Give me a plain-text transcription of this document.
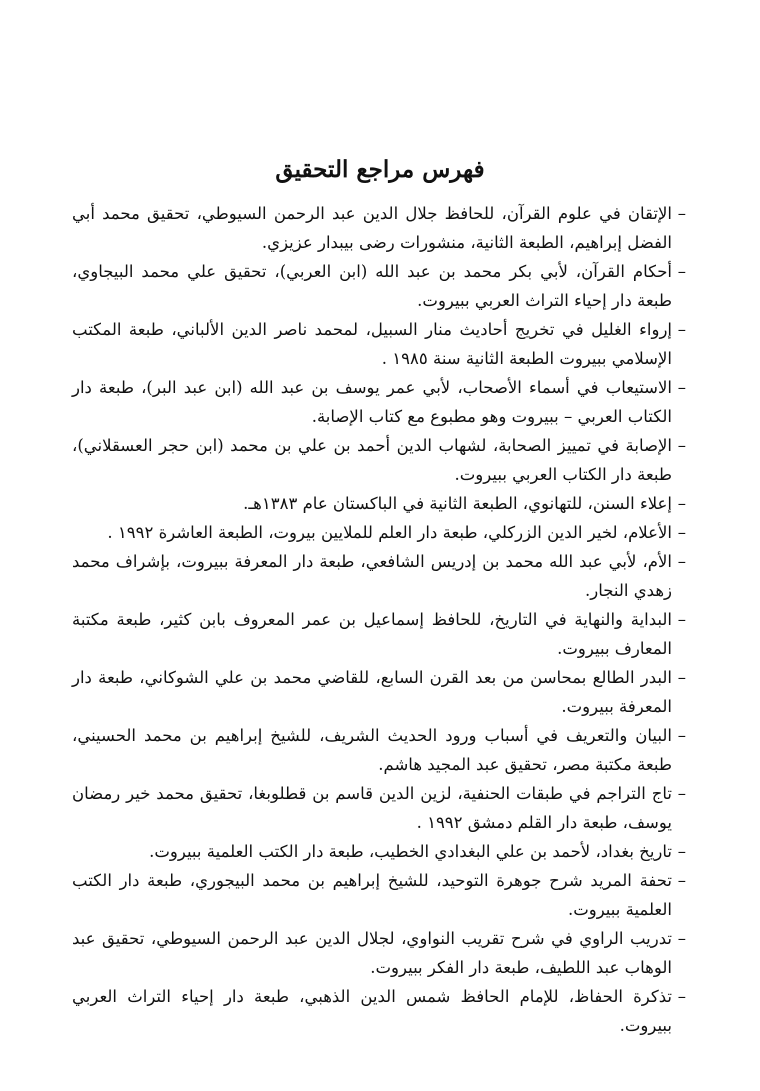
فهرس مراجع التحقيق
–
الإتقان في علوم القرآن، للحافظ جلال الدين عبد الرحمن السيوطي، تحقيق محمد أبي الفضل إبراهيم، الطبعة الثانية، منشورات رضى بيبدار عزيزي.
–
أحكام القرآن، لأبي بكر محمد بن عبد الله (ابن العربي)، تحقيق علي محمد البيجاوي، طبعة دار إحياء التراث العربي ببيروت.
–
إرواء الغليل في تخريج أحاديث منار السبيل، لمحمد ناصر الدين الألباني، طبعة المكتب الإسلامي ببيروت الطبعة الثانية سنة ١٩٨٥ .
–
الاستيعاب في أسماء الأصحاب، لأبي عمر يوسف بن عبد الله (ابن عبد البر)، طبعة دار الكتاب العربي – ببيروت وهو مطبوع مع كتاب الإصابة.
–
الإصابة في تمييز الصحابة، لشهاب الدين أحمد بن علي بن محمد (ابن حجر العسقلاني)، طبعة دار الكتاب العربي ببيروت.
–
إعلاء السنن، للتهانوي، الطبعة الثانية في الباكستان عام ١٣٨٣هـ.
–
الأعلام، لخير الدين الزركلي، طبعة دار العلم للملايين بيروت، الطبعة العاشرة ١٩٩٢ .
–
الأم، لأبي عبد الله محمد بن إدريس الشافعي، طبعة دار المعرفة ببيروت، بإشراف محمد زهدي النجار.
–
البداية والنهاية في التاريخ، للحافظ إسماعيل بن عمر المعروف بابن كثير، طبعة مكتبة المعارف ببيروت.
–
البدر الطالع بمحاسن من بعد القرن السابع، للقاضي محمد بن علي الشوكاني، طبعة دار المعرفة ببيروت.
–
البيان والتعريف في أسباب ورود الحديث الشريف، للشيخ إبراهيم بن محمد الحسيني، طبعة مكتبة مصر، تحقيق عبد المجيد هاشم.
–
تاج التراجم في طبقات الحنفية، لزين الدين قاسم بن قطلوبغا، تحقيق محمد خير رمضان يوسف، طبعة دار القلم دمشق ١٩٩٢ .
–
تاريخ بغداد، لأحمد بن علي البغدادي الخطيب، طبعة دار الكتب العلمية ببيروت.
–
تحفة المريد شرح جوهرة التوحيد، للشيخ إبراهيم بن محمد البيجوري، طبعة دار الكتب العلمية ببيروت.
–
تدريب الراوي في شرح تقريب النواوي، لجلال الدين عبد الرحمن السيوطي، تحقيق عبد الوهاب عبد اللطيف، طبعة دار الفكر ببيروت.
–
تذكرة الحفاظ، للإمام الحافظ شمس الدين الذهبي، طبعة دار إحياء التراث العربي ببيروت.
